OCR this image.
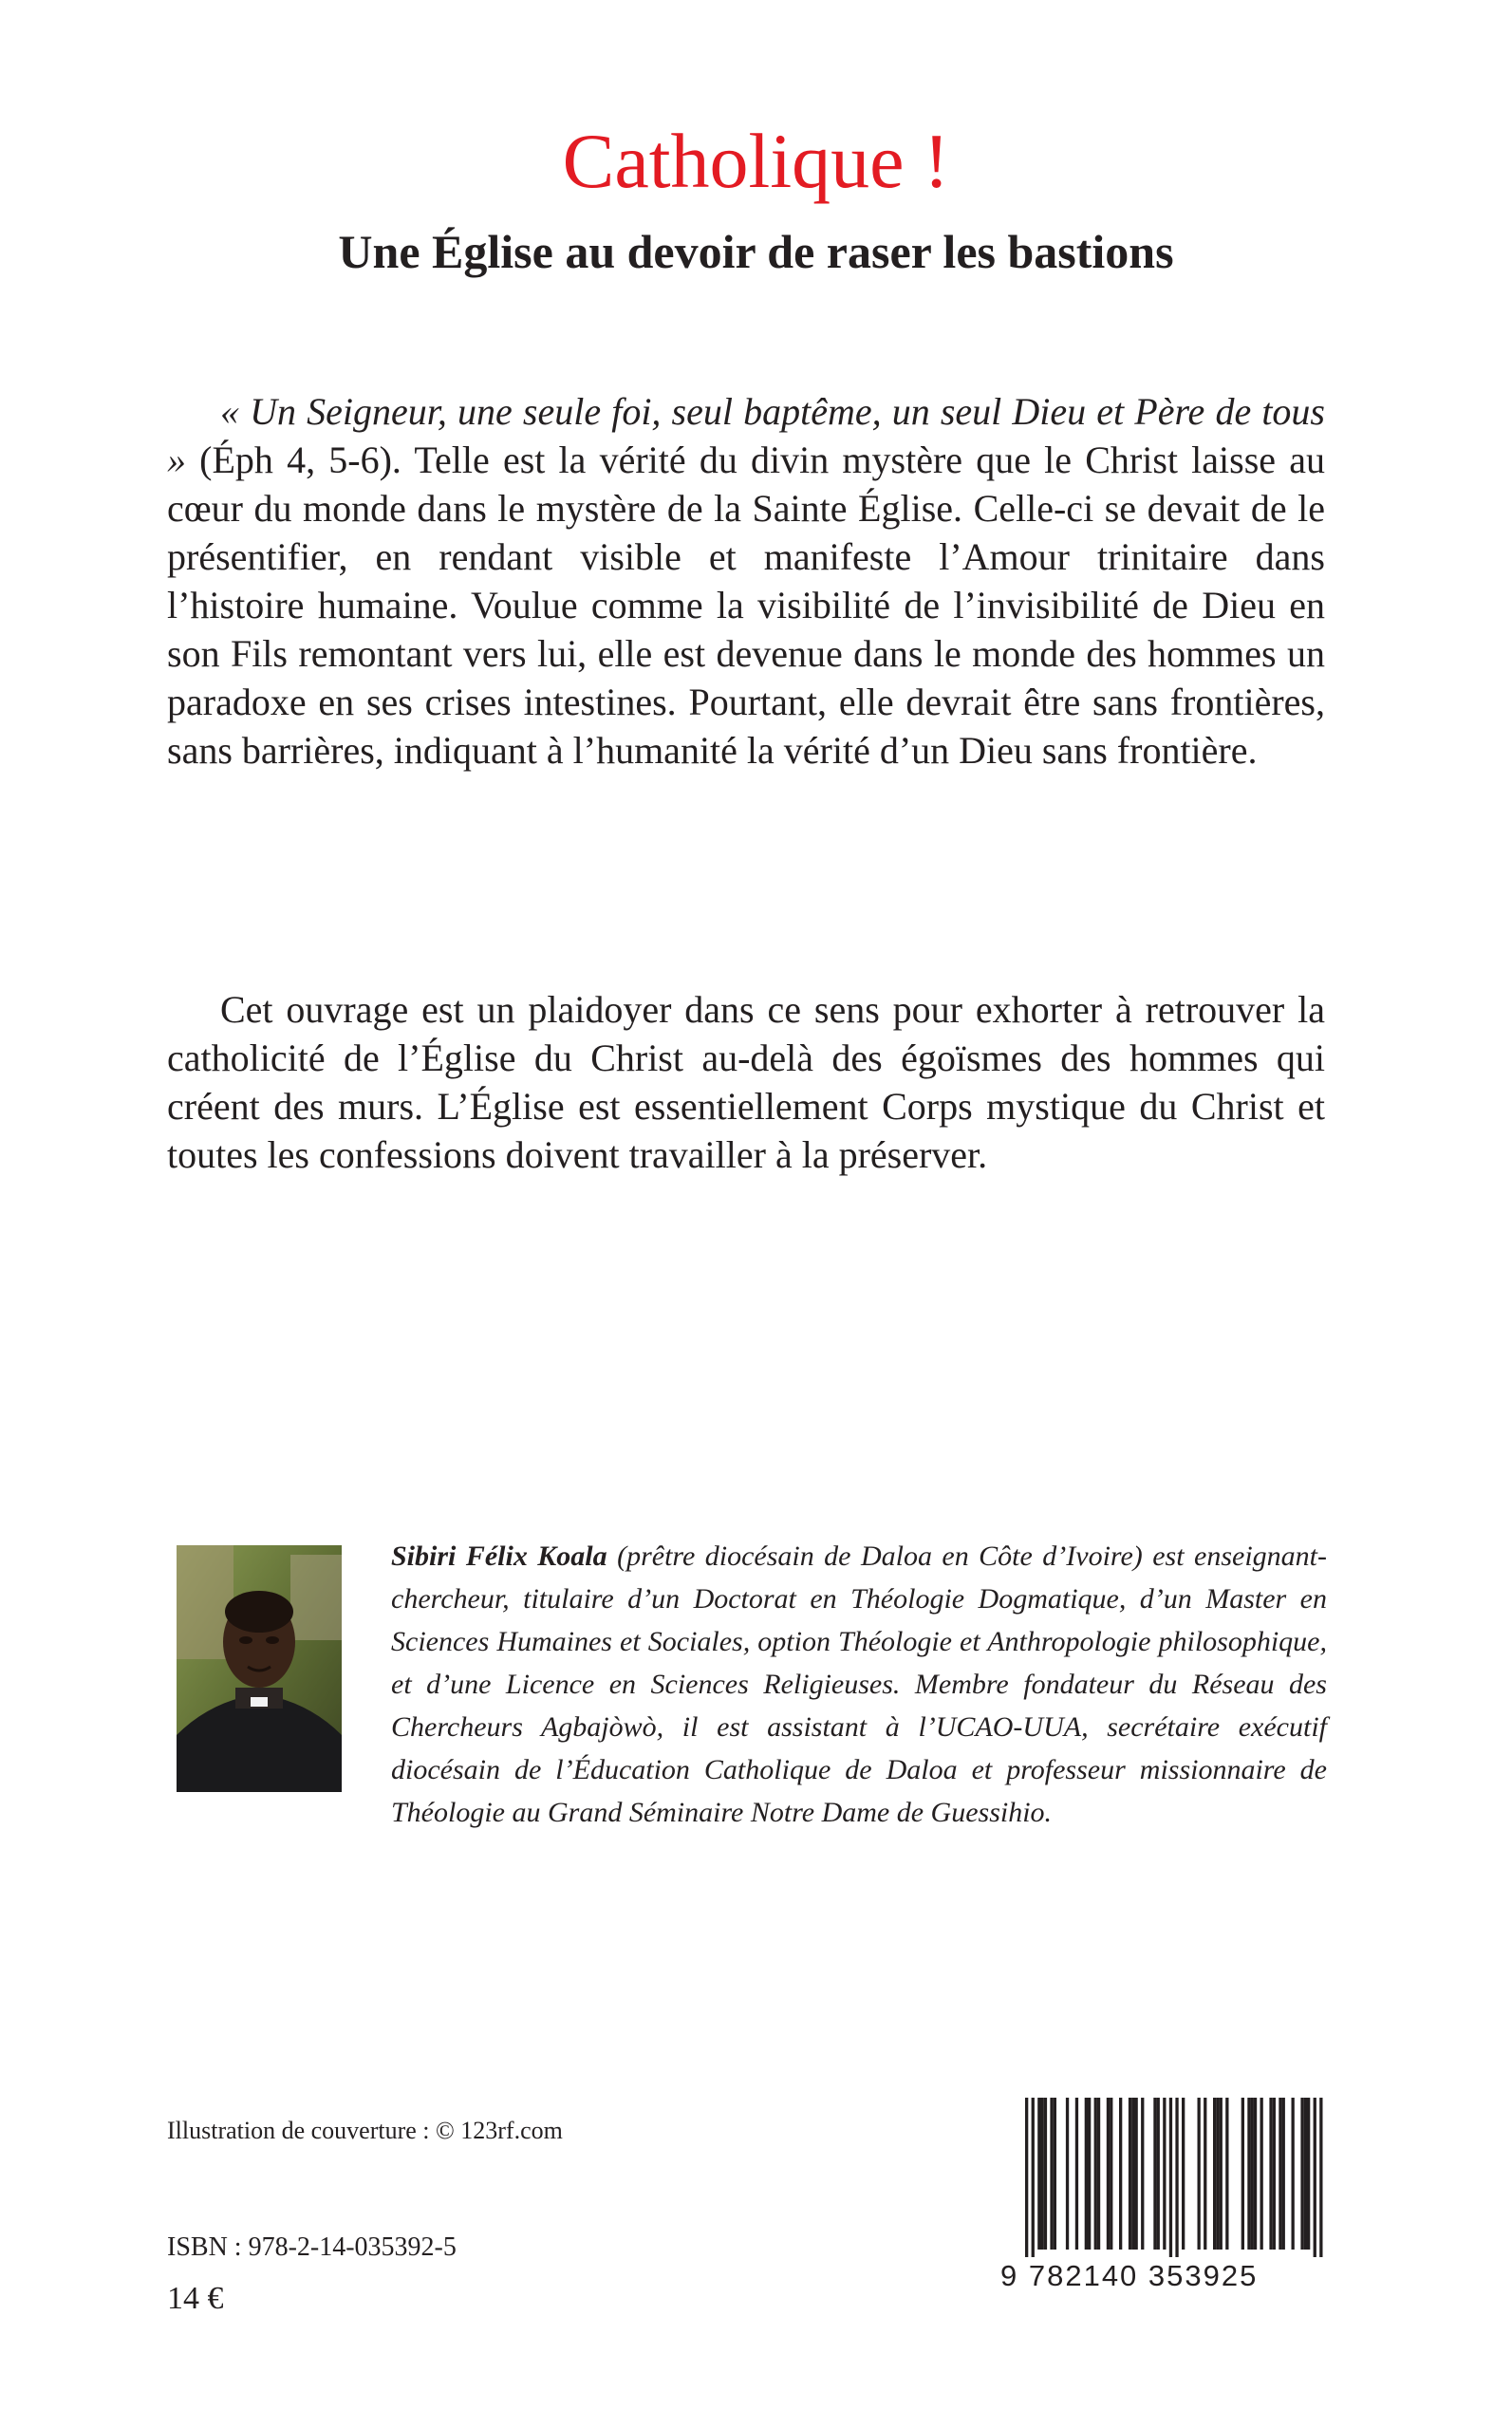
Catholique !
Une Église au devoir de raser les bastions

« Un Seigneur, une seule foi, seul baptême, un seul Dieu et Père de tous » (Éph 4, 5-6). Telle est la vérité du divin mystère que le Christ laisse au cœur du monde dans le mystère de la Sainte Église. Celle-ci se devait de le présentifier, en rendant visible et manifeste l’Amour trinitaire dans l’histoire humaine. Voulue comme la visibilité de l’invisibilité de Dieu en son Fils remontant vers lui, elle est devenue dans le monde des hommes un paradoxe en ses crises intestines. Pourtant, elle devrait être sans frontières, sans barrières, indiquant à l’humanité la vérité d’un Dieu sans frontière.

Cet ouvrage est un plaidoyer dans ce sens pour exhorter à retrouver la catholicité de l’Église du Christ au-delà des égoïsmes des hommes qui créent des murs. L’Église est essentiellement Corps mystique du Christ et toutes les confessions doivent travailler à la préserver.

Sibiri Félix Koala (prêtre diocésain de Daloa en Côte d’Ivoire) est enseignant-chercheur, titulaire d’un Doctorat en Théologie Dogmatique, d’un Master en Sciences Humaines et Sociales, option Théologie et Anthropologie philosophique, et d’une Licence en Sciences Religieuses. Membre fondateur du Réseau des Chercheurs Agbajòwò, il est assistant à l’UCAO-UUA, secrétaire exécutif diocésain de l’Éducation Catholique de Daloa et professeur missionnaire de Théologie au Grand Séminaire Notre Dame de Guessihio.
Illustration de couverture : © 123rf.com
ISBN : 978-2-14-035392-5
14 €
9 782140 353925
